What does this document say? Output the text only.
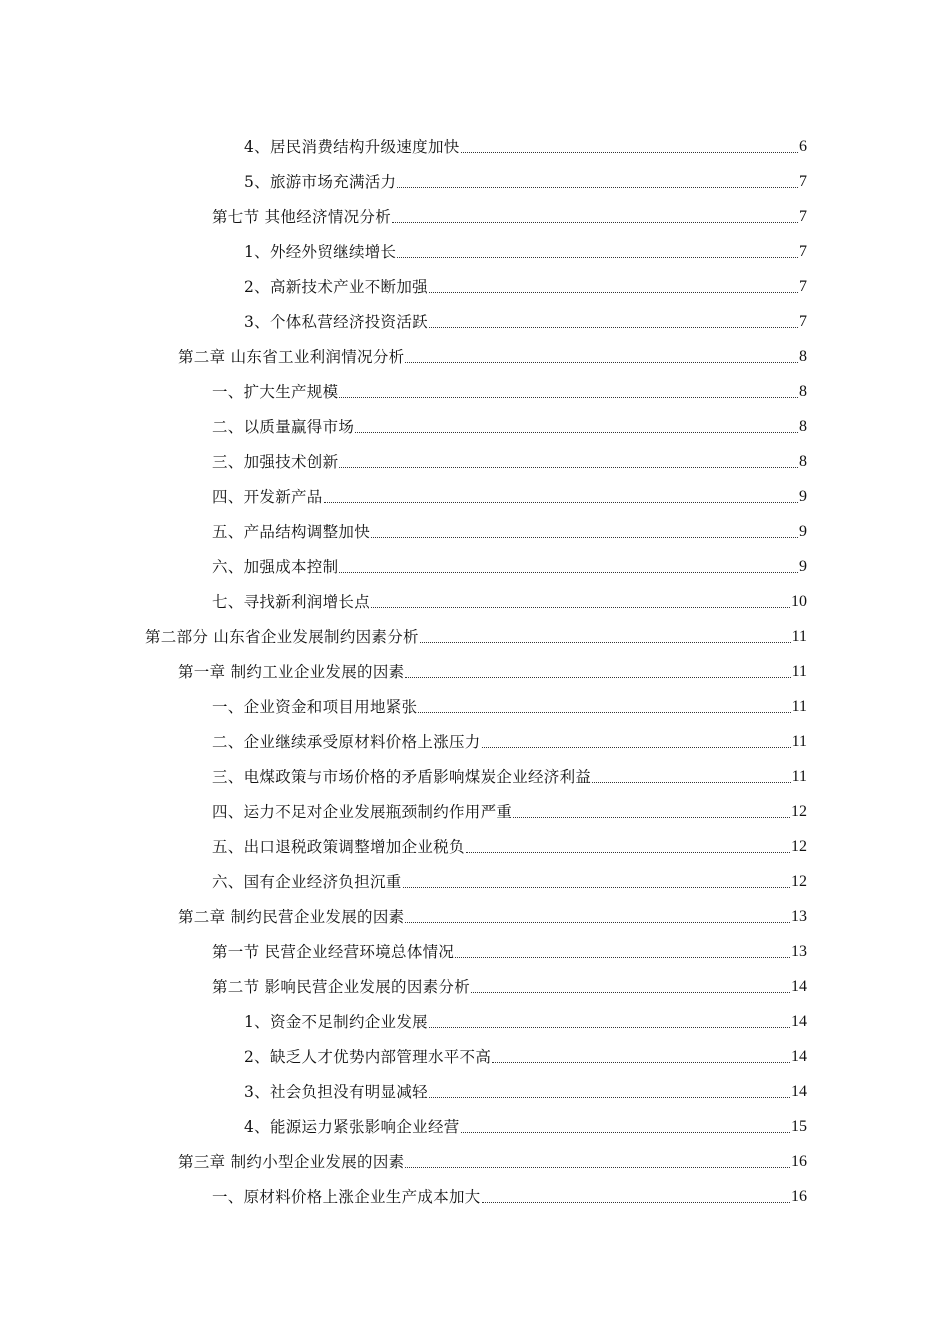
4、居民消费结构升级速度加快	6
5、旅游市场充满活力	7
第七节 其他经济情况分析	7
1、外经外贸继续增长	7
2、高新技术产业不断加强	7
3、个体私营经济投资活跃	7
第二章 山东省工业利润情况分析	8
一、扩大生产规模	8
二、以质量赢得市场	8
三、加强技术创新	8
四、开发新产品	9
五、产品结构调整加快	9
六、加强成本控制	9
七、寻找新利润增长点	10
第二部分 山东省企业发展制约因素分析	11
第一章 制约工业企业发展的因素	11
一、企业资金和项目用地紧张	11
二、企业继续承受原材料价格上涨压力	11
三、电煤政策与市场价格的矛盾影响煤炭企业经济利益	11
四、运力不足对企业发展瓶颈制约作用严重	12
五、出口退税政策调整增加企业税负	12
六、国有企业经济负担沉重	12
第二章 制约民营企业发展的因素	13
第一节 民营企业经营环境总体情况	13
第二节 影响民营企业发展的因素分析	14
1、资金不足制约企业发展	14
2、缺乏人才优势内部管理水平不高	14
3、社会负担没有明显减轻	14
4、能源运力紧张影响企业经营	15
第三章 制约小型企业发展的因素	16
一、原材料价格上涨企业生产成本加大	16
